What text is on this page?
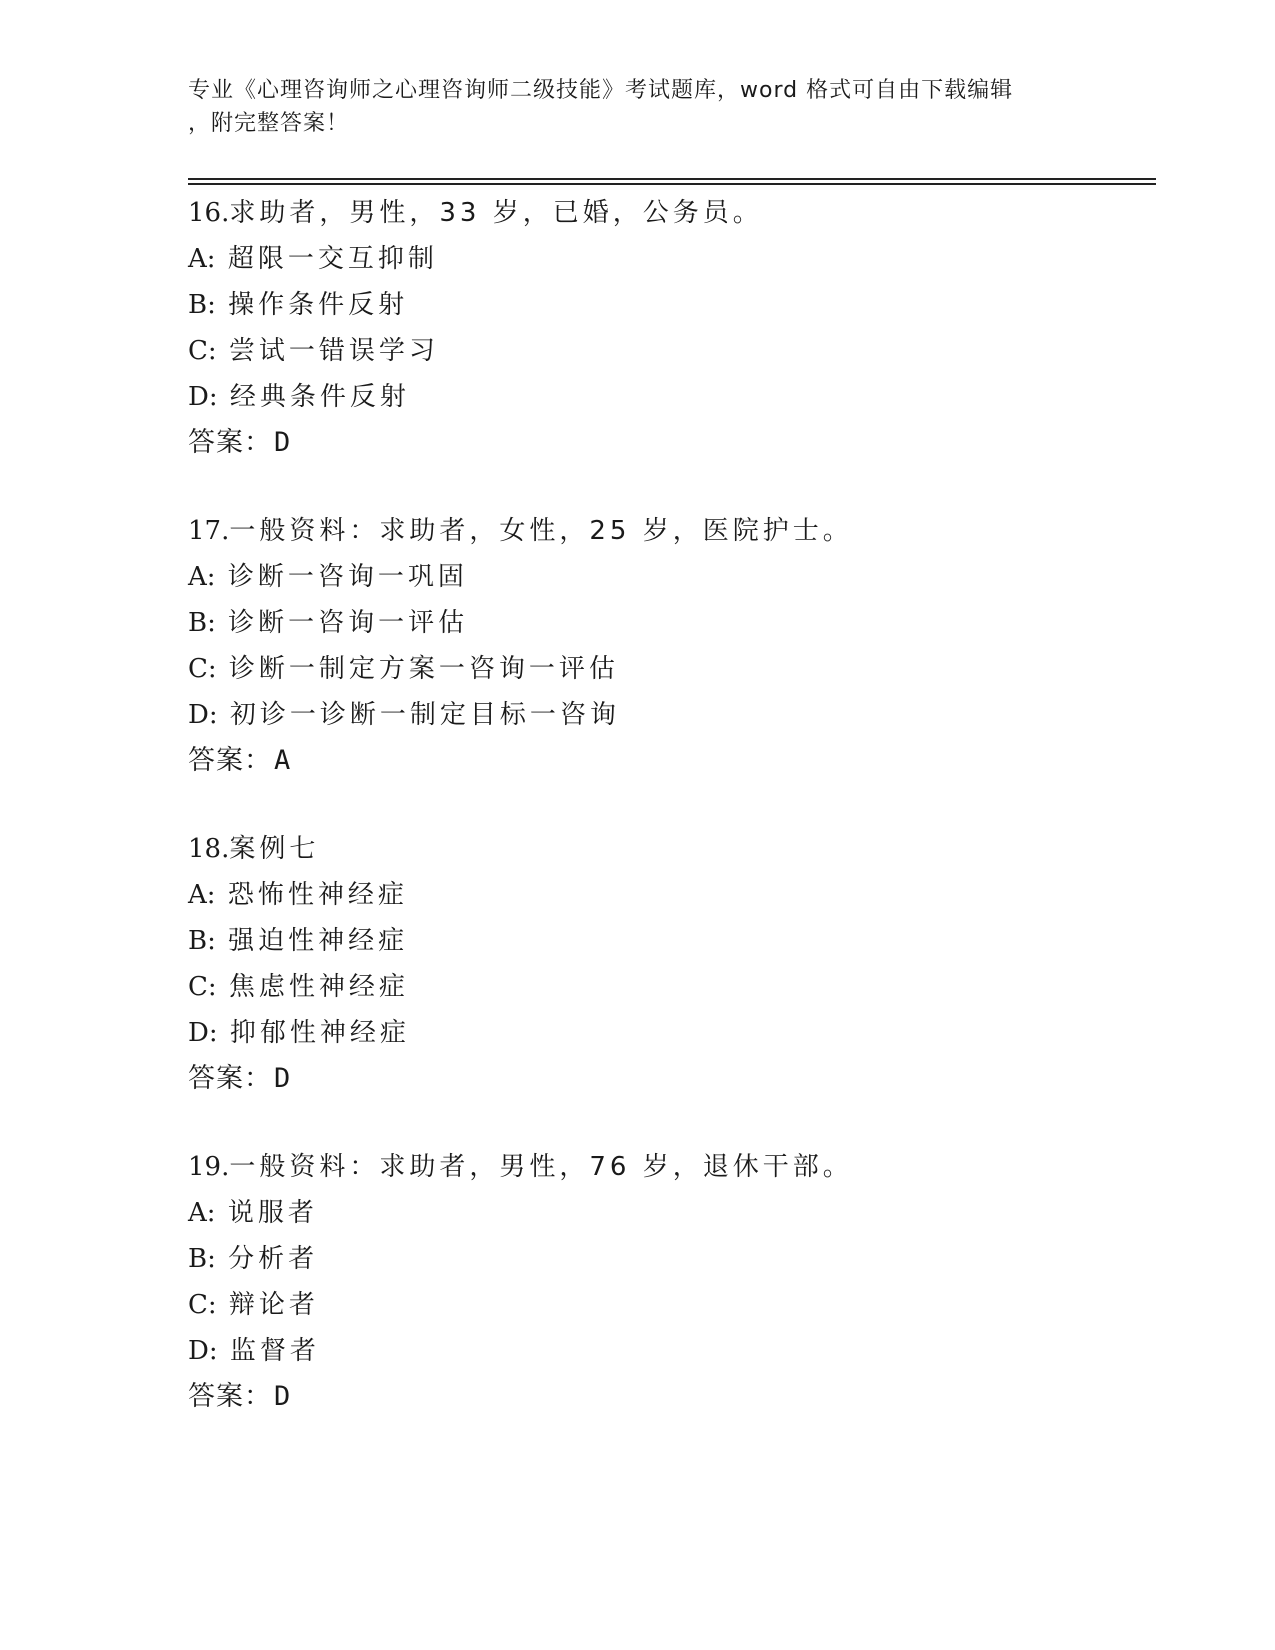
专业《心理咨询师之心理咨询师二级技能》考试题库，word 格式可自由下载编辑
，附完整答案！
16.求助者，男性，33 岁，已婚，公务员。
A: 超限一交互抑制
B: 操作条件反射
C: 尝试一错误学习
D: 经典条件反射
答案：D
17.一般资料：求助者，女性，25 岁，医院护士。
A: 诊断一咨询一巩固
B: 诊断一咨询一评估
C: 诊断一制定方案一咨询一评估
D: 初诊一诊断一制定目标一咨询
答案：A
18.案例七
A: 恐怖性神经症
B: 强迫性神经症
C: 焦虑性神经症
D: 抑郁性神经症
答案：D
19.一般资料：求助者，男性，76 岁，退休干部。
A: 说服者
B: 分析者
C: 辩论者
D: 监督者
答案：D
